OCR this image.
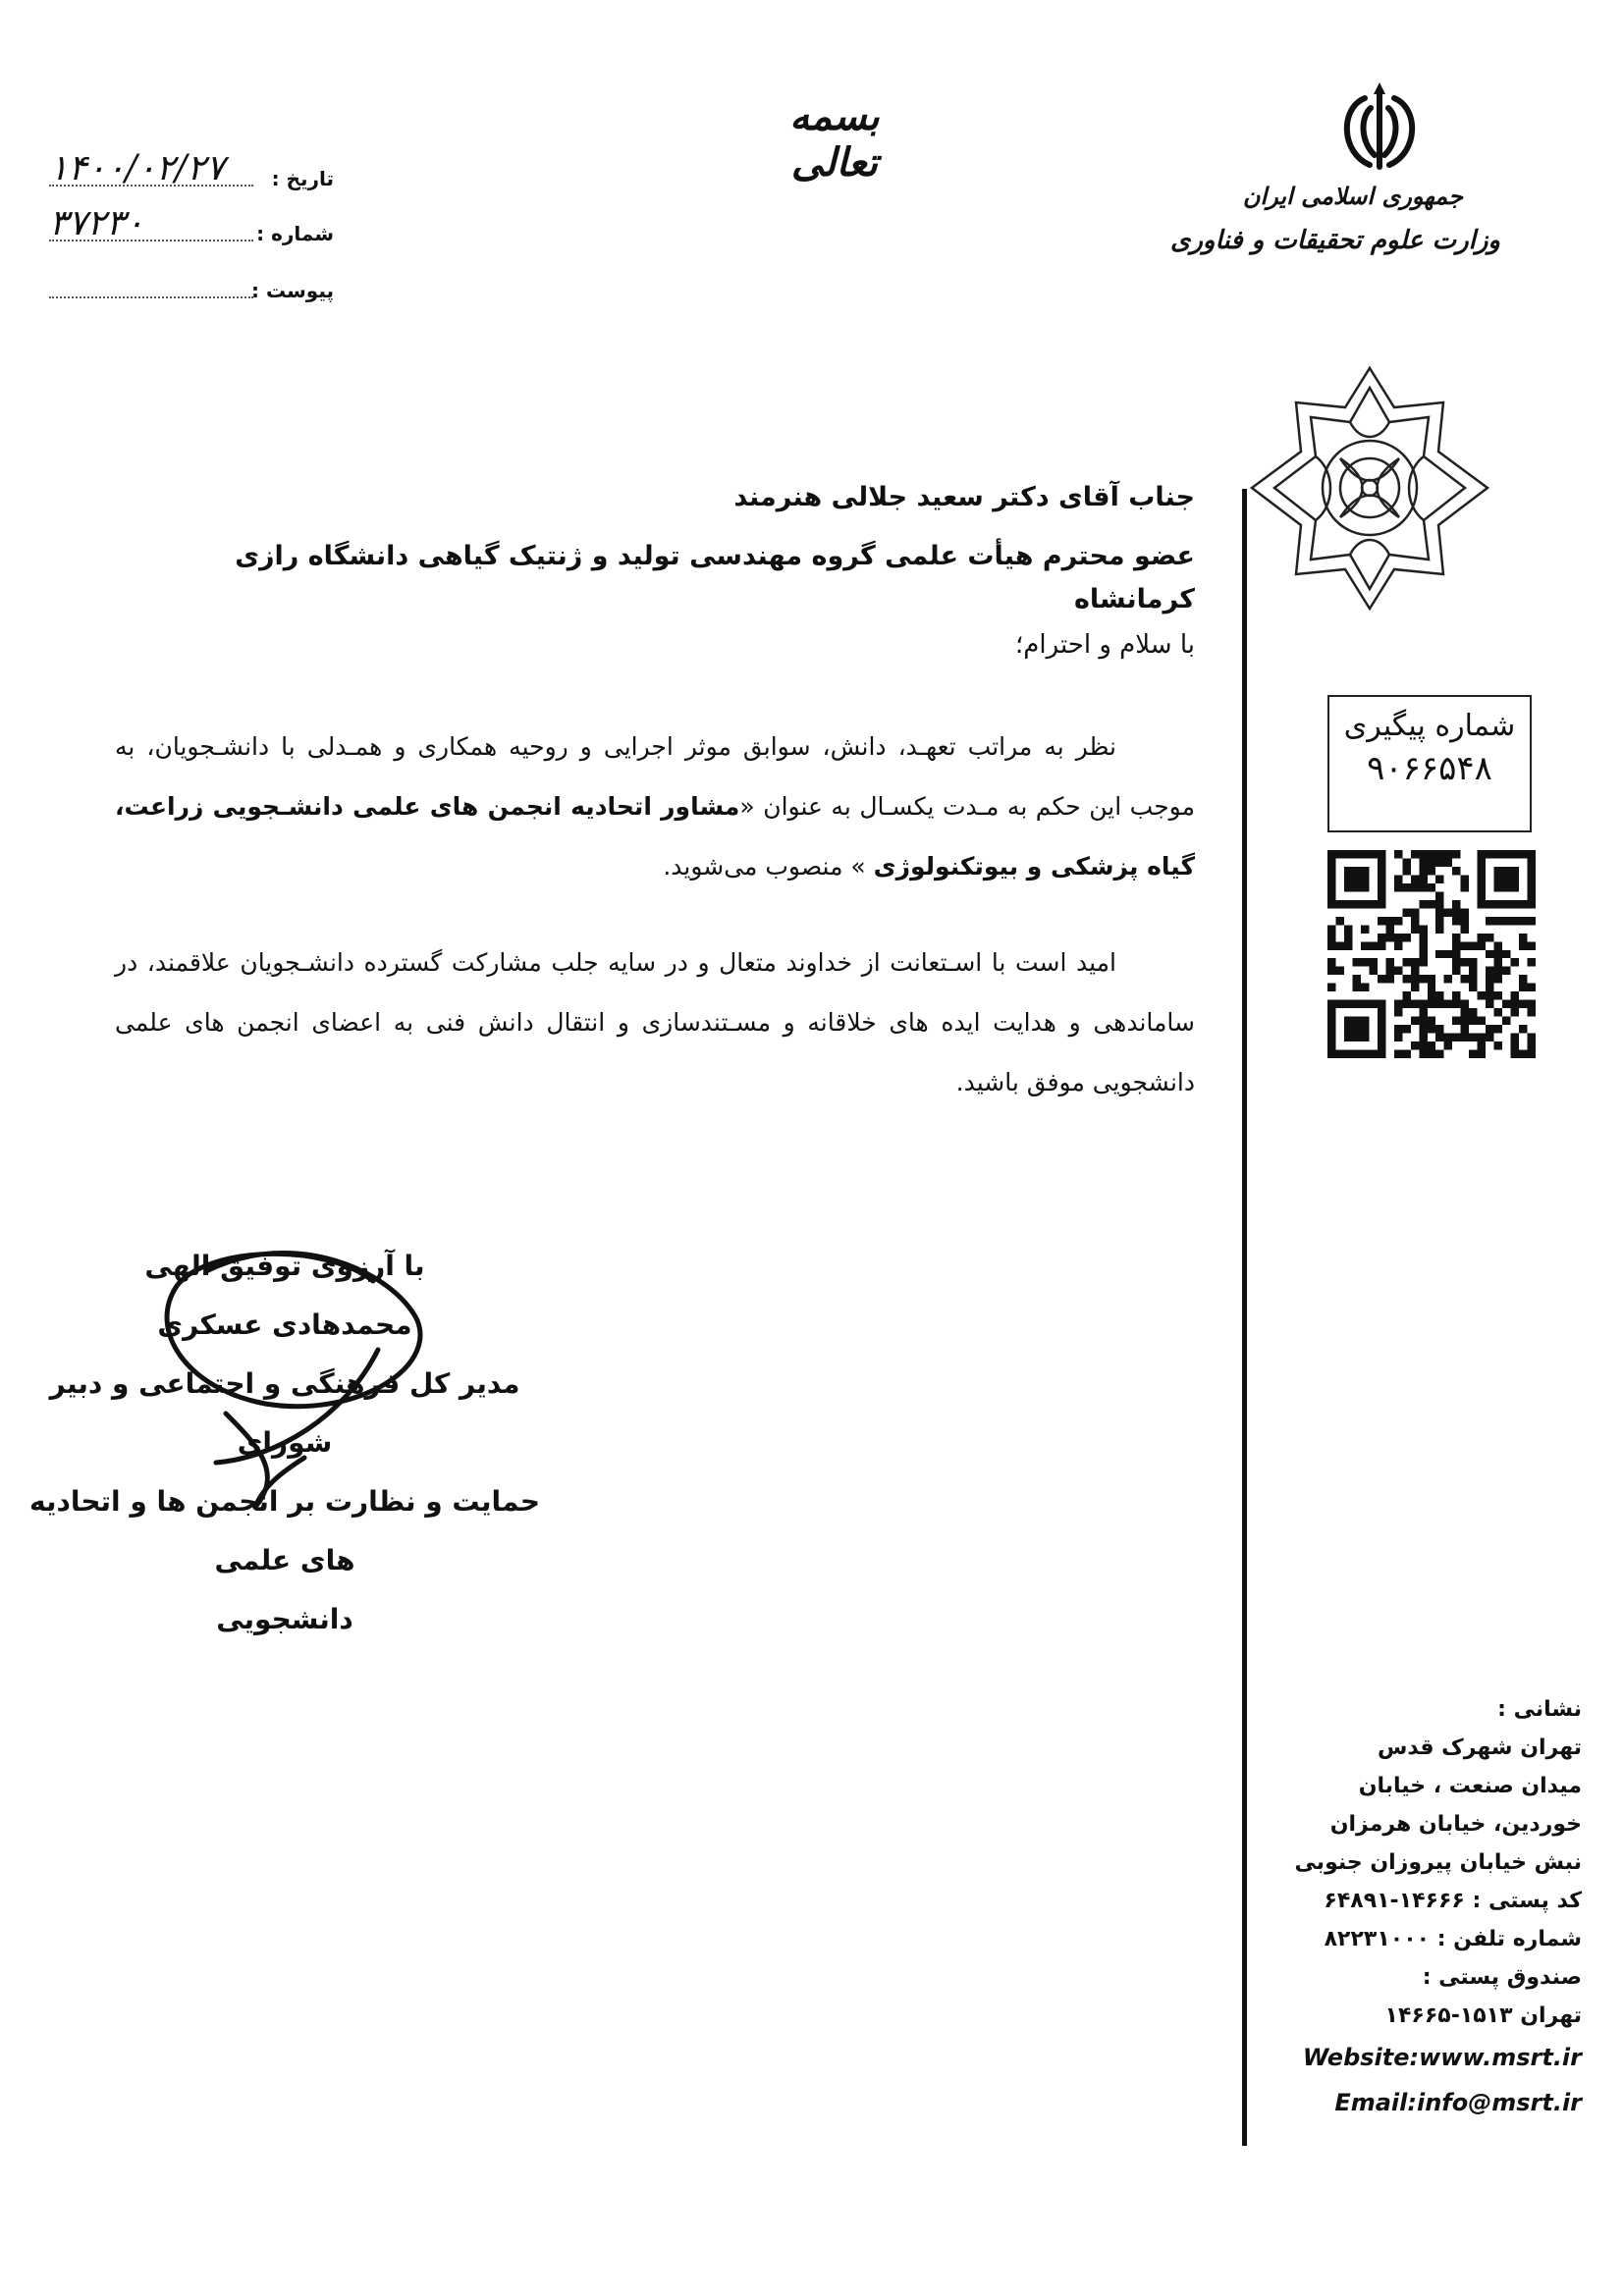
بسمه تعالی
تاریخ :
۱۴۰۰/۰۲/۲۷
شماره :
۳۷۲۳۰
پیوست :
جمهوری اسلامی ایران
وزارت علوم تحقیقات و فناوری
جناب آقای دکتر سعید جلالی هنرمند
عضو محترم هیأت علمی گروه مهندسی تولید و ژنتیک گیاهی دانشگاه رازی کرمانشاه
با سلام و احترام؛
نظر به مراتب تعهـد، دانش، سوابق موثر اجرایی و روحیه همکاری و همـدلی با دانشـجویان، به موجب این حکم به مـدت یکسـال به عنوان «مشاور اتحادیه انجمن های علمی دانشـجویی زراعت، گیاه پزشکی و بیوتکنولوژی » منصوب می‌شوید.
امید است با اسـتعانت از خداوند متعال و در سایه جلب مشارکت گسترده دانشـجویان علاقمند، در ساماندهی و هدایت ایده های خلاقانه و مسـتندسازی و انتقال دانش فنی به اعضای انجمن های علمی دانشجویی موفق باشید.
شماره پیگیری
۹۰۶۶۵۴۸
با آرزوی توفیق الهی
محمدهادی عسکری
مدیر کل فرهنگی و اجتماعی و دبیر شورای
حمایت و نظارت بر انجمن ها و اتحادیه های علمی
دانشجویی
نشانی :
تهران شهرک قدس
میدان صنعت ، خیابان
خوردین، خیابان هرمزان
نبش خیابان پیروزان جنوبی
کد پستی : ۱۴۶۶۶-۶۴۸۹۱
شماره تلفن : ۸۲۲۳۱۰۰۰
صندوق پستی :
تهران ۱۵۱۳-۱۴۶۶۵
Website:www.msrt.ir
Email:info@msrt.ir
